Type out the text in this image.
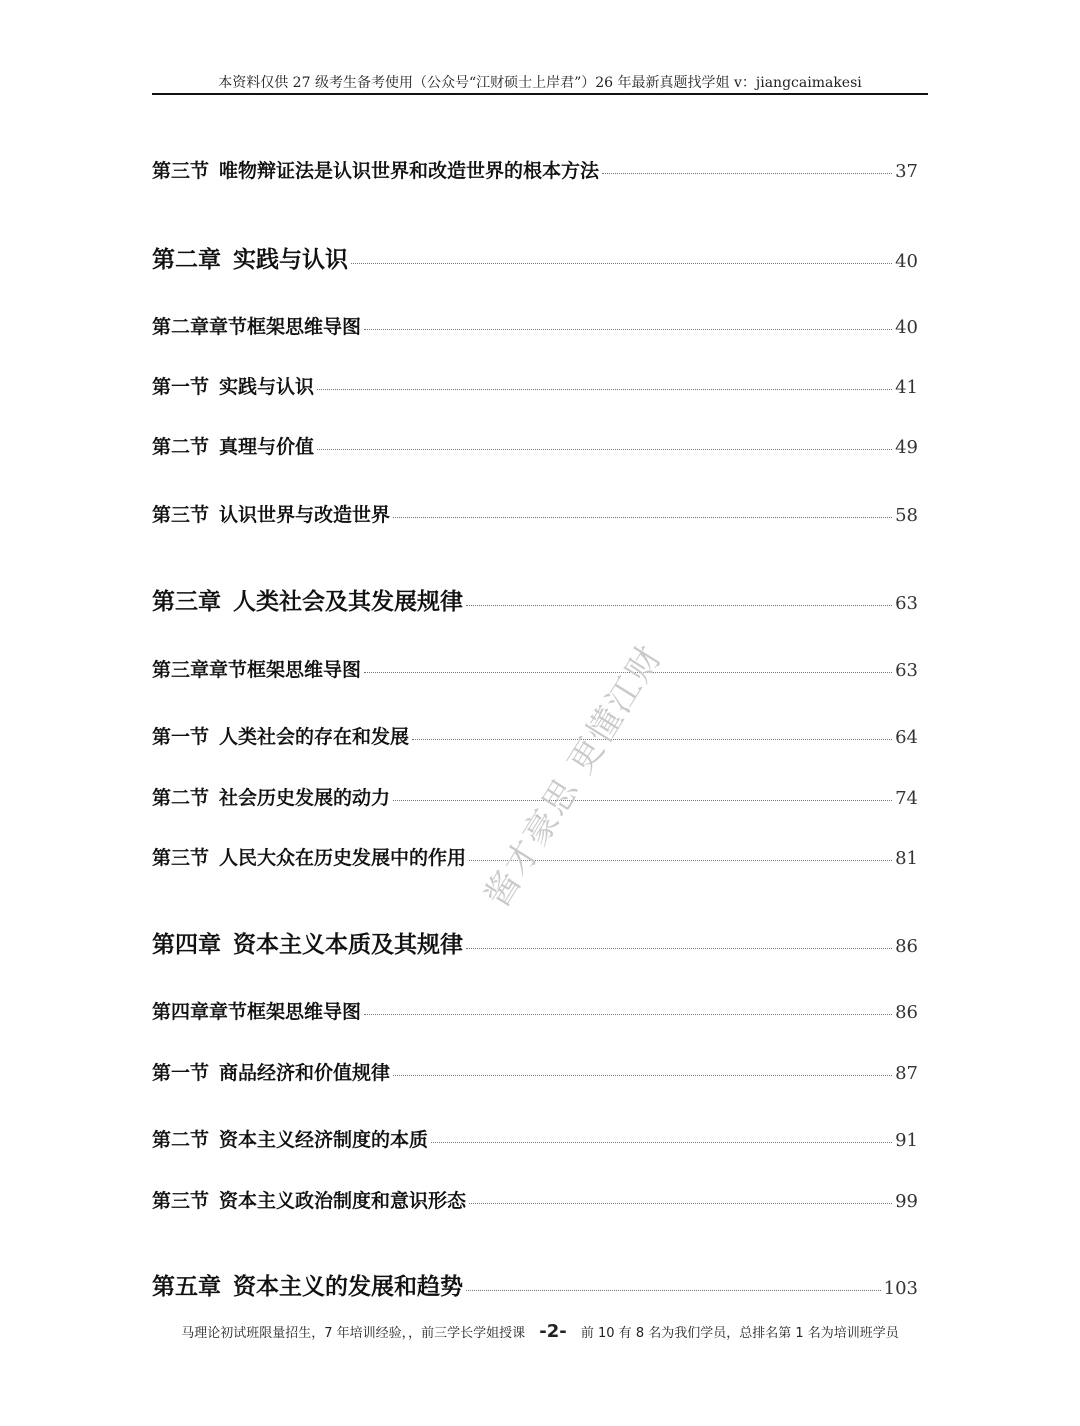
本资料仅供 27 级考生备考使用（公众号“江财硕士上岸君”）26 年最新真题找学姐 v：jiangcaimakesi
第三节 唯物辩证法是认识世界和改造世界的根本方法	37
第二章 实践与认识	40
第二章章节框架思维导图	40
第一节 实践与认识	41
第二节 真理与价值	49
第三节 认识世界与改造世界	58
第三章 人类社会及其发展规律	63
第三章章节框架思维导图	63
第一节 人类社会的存在和发展	64
第二节 社会历史发展的动力	74
第三节 人民大众在历史发展中的作用	81
第四章 资本主义本质及其规律	86
第四章章节框架思维导图	86
第一节 商品经济和价值规律	87
第二节 资本主义经济制度的本质	91
第三节 资本主义政治制度和意识形态	99
第五章 资本主义的发展和趋势	103
酱才豪思 更懂江财
马理论初试班限量招生，7 年培训经验，，前三学长学姐授课 -2- 前 10 有 8 名为我们学员，总排名第 1 名为培训班学员
